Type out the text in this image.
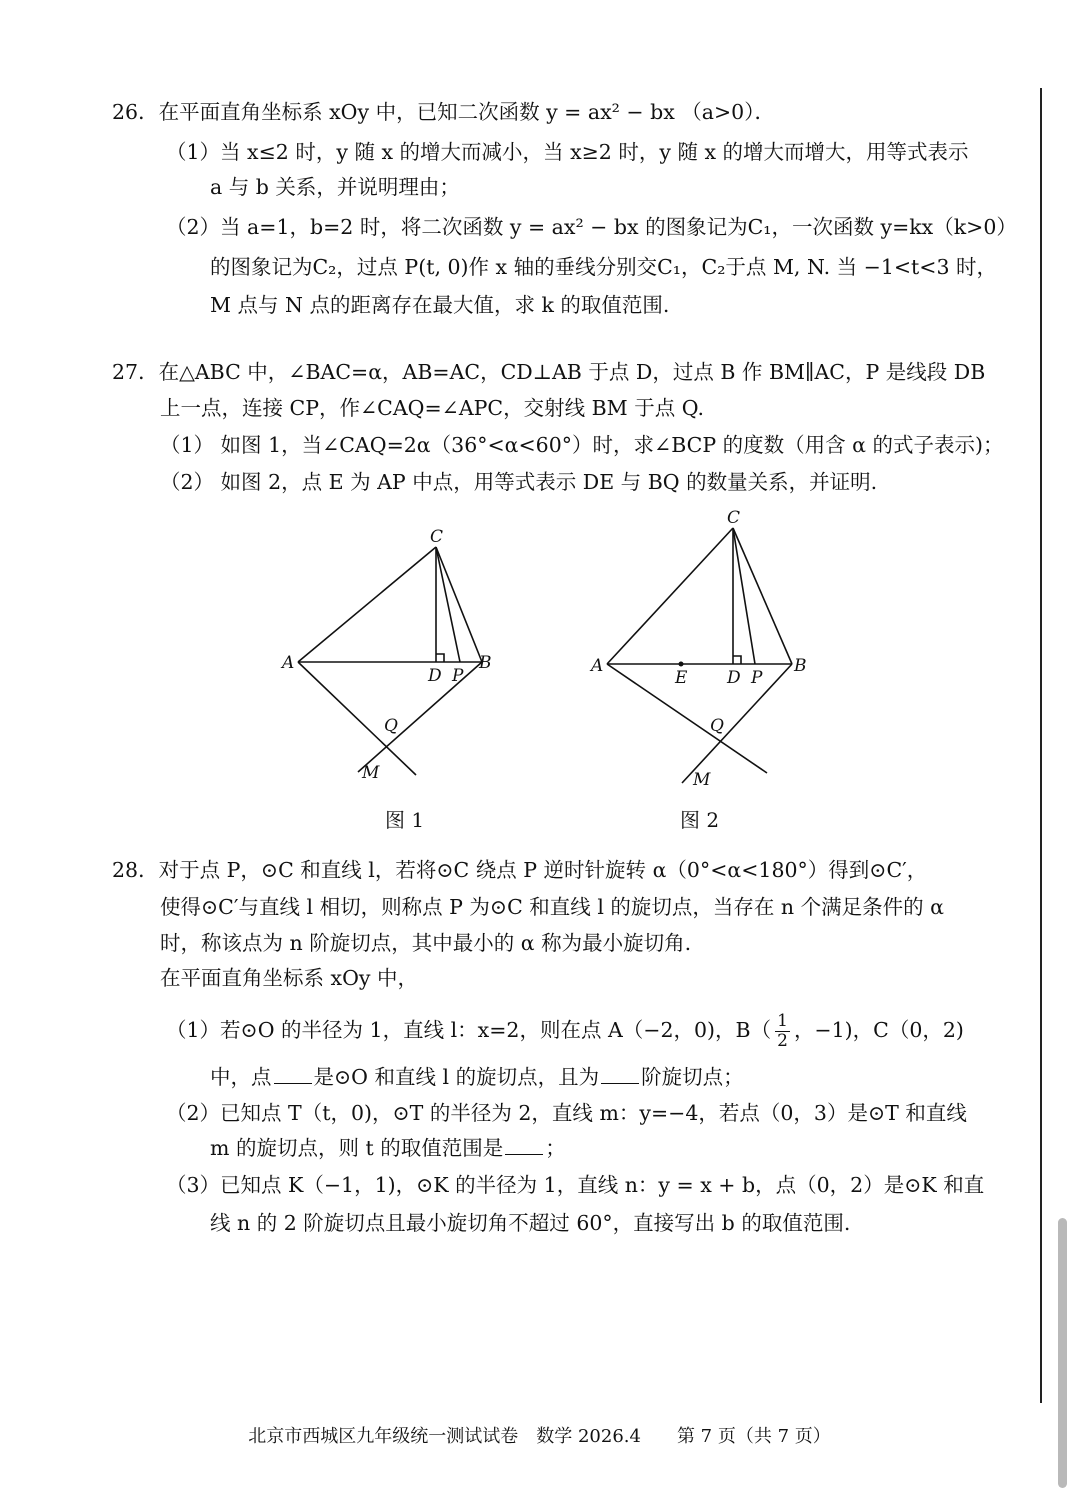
26．在平面直角坐标系 xOy 中，已知二次函数 y = ax² − bx （a>0）．
（1）当 x≤2 时，y 随 x 的增大而减小，当 x≥2 时，y 随 x 的增大而增大，用等式表示
a 与 b 关系，并说明理由；
（2）当 a=1，b=2 时，将二次函数 y = ax² − bx 的图象记为C₁，一次函数 y=kx（k>0）
的图象记为C₂，过点 P(t, 0)作 x 轴的垂线分别交C₁，C₂于点 M, N. 当 −1<t<3 时，
M 点与 N 点的距离存在最大值，求 k 的取值范围.
27．在△ABC 中，∠BAC=α，AB=AC，CD⊥AB 于点 D，过点 B 作 BM∥AC，P 是线段 DB
上一点，连接 CP，作∠CAQ=∠APC，交射线 BM 于点 Q.
（1） 如图 1，当∠CAQ=2α（36°<α<60°）时，求∠BCP 的度数（用含 α 的式子表示)；
（2） 如图 2，点 E 为 AP 中点，用等式表示 DE 与 BQ 的数量关系，并证明.
C
A	B
D P
Q
M
图 1
C
A	B
E D P
Q
M
图 2
28．对于点 P，⊙C 和直线 l，若将⊙C 绕点 P 逆时针旋转 α（0°<α<180°）得到⊙C′，
使得⊙C′与直线 l 相切，则称点 P 为⊙C 和直线 l 的旋切点，当存在 n 个满足条件的 α
时，称该点为 n 阶旋切点，其中最小的 α 称为最小旋切角.
在平面直角坐标系 xOy 中，
（1）若⊙O 的半径为 1，直线 l：x=2，则在点 A（−2，0)，$B( \frac{1}{2}$ ，−1)，C（0，2)
中，点 是⊙O 和直线 l 的旋切点，且为 阶旋切点；
（2）已知点 T（t，0)，⊙T 的半径为 2，直线 m：y=−4，若点（0，3）是⊙T 和直线
m 的旋切点，则 t 的取值范围是 ；
（3）已知点 K（−1，1)，⊙K 的半径为 1，直线 n：y = x + b，点（0，2）是⊙K 和直
线 n 的 2 阶旋切点且最小旋切角不超过 60°，直接写出 b 的取值范围.
北京市西城区九年级统一测试试卷　数学 2026.4　　第 7 页（共 7 页）
